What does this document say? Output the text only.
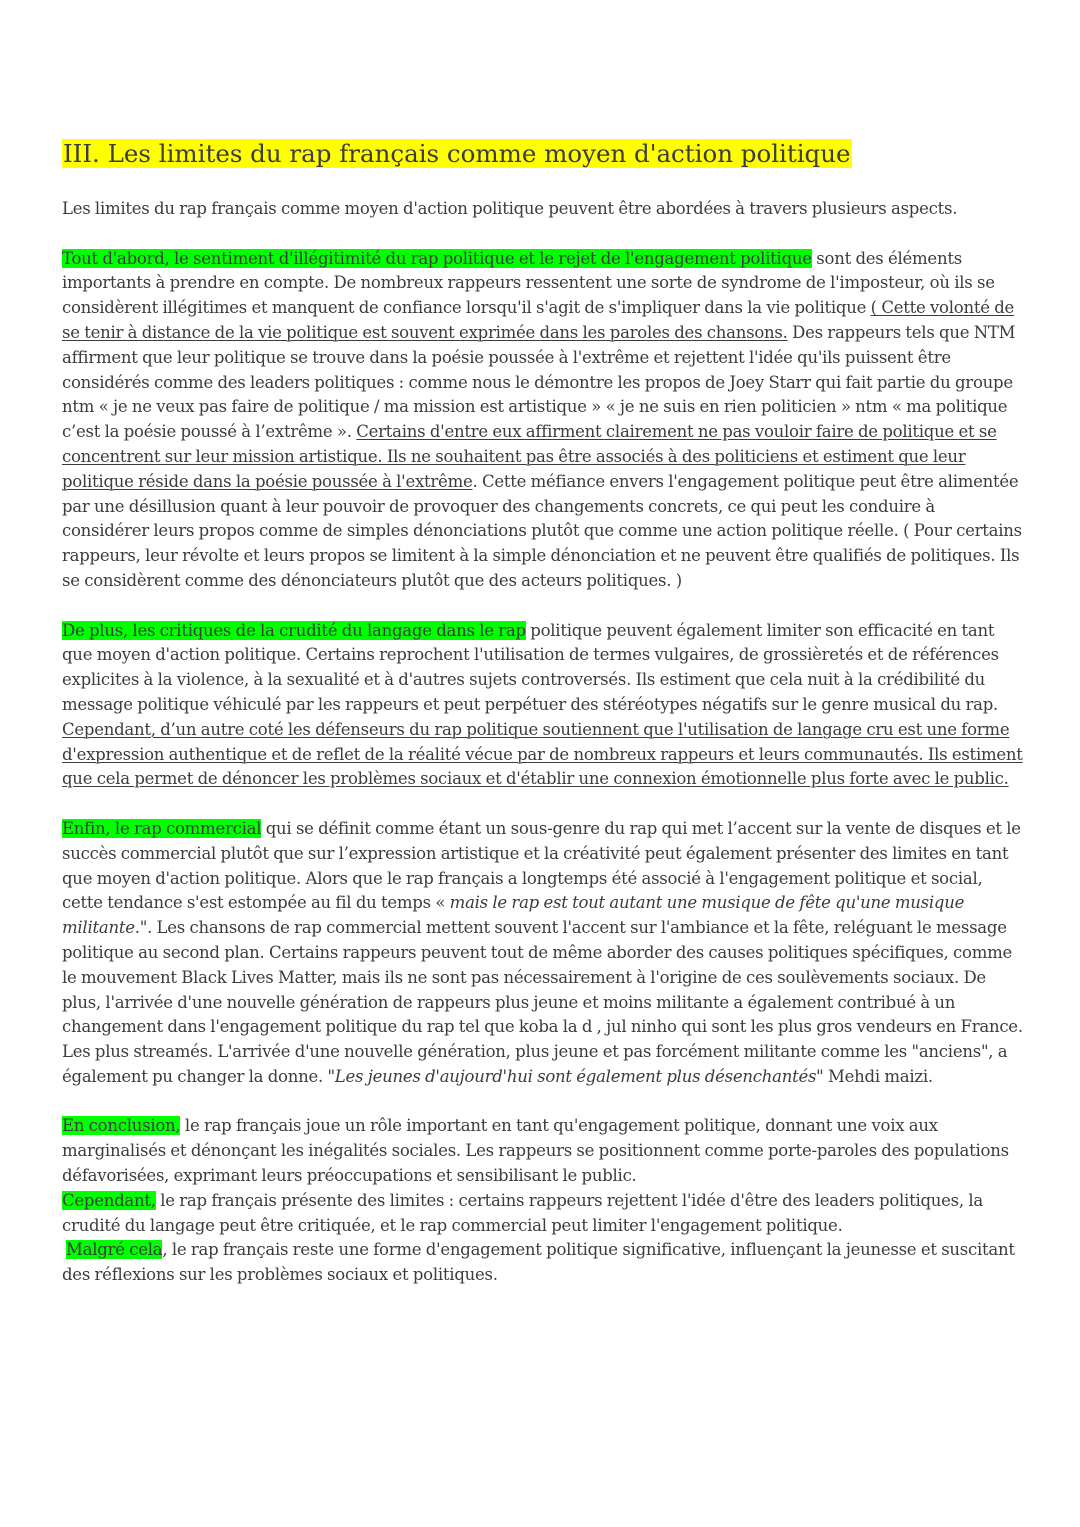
III. Les limites du rap français comme moyen d'action politique

Les limites du rap français comme moyen d'action politique peuvent être abordées à travers plusieurs aspects.

Tout d'abord, le sentiment d'illégitimité du rap politique et le rejet de l'engagement politique sont des éléments importants à prendre en compte. De nombreux rappeurs ressentent une sorte de syndrome de l'imposteur, où ils se considèrent illégitimes et manquent de confiance lorsqu'il s'agit de s'impliquer dans la vie politique ( Cette volonté de se tenir à distance de la vie politique est souvent exprimée dans les paroles des chansons. Des rappeurs tels que NTM affirment que leur politique se trouve dans la poésie poussée à l'extrême et rejettent l'idée qu'ils puissent être considérés comme des leaders politiques : comme nous le démontre les propos de Joey Starr qui fait partie du groupe ntm « je ne veux pas faire de politique / ma mission est artistique » « je ne suis en rien politicien » ntm « ma politique c’est la poésie poussé à l’extrême ». Certains d'entre eux affirment clairement ne pas vouloir faire de politique et se concentrent sur leur mission artistique. Ils ne souhaitent pas être associés à des politiciens et estiment que leur politique réside dans la poésie poussée à l'extrême. Cette méfiance envers l'engagement politique peut être alimentée par une désillusion quant à leur pouvoir de provoquer des changements concrets, ce qui peut les conduire à considérer leurs propos comme de simples dénonciations plutôt que comme une action politique réelle. ( Pour certains rappeurs, leur révolte et leurs propos se limitent à la simple dénonciation et ne peuvent être qualifiés de politiques. Ils se considèrent comme des dénonciateurs plutôt que des acteurs politiques. )

De plus, les critiques de la crudité du langage dans le rap politique peuvent également limiter son efficacité en tant que moyen d'action politique. Certains reprochent l'utilisation de termes vulgaires, de grossièretés et de références explicites à la violence, à la sexualité et à d'autres sujets controversés. Ils estiment que cela nuit à la crédibilité du message politique véhiculé par les rappeurs et peut perpétuer des stéréotypes négatifs sur le genre musical du rap. Cependant, d’un autre coté les défenseurs du rap politique soutiennent que l'utilisation de langage cru est une forme d'expression authentique et de reflet de la réalité vécue par de nombreux rappeurs et leurs communautés. Ils estiment que cela permet de dénoncer les problèmes sociaux et d'établir une connexion émotionnelle plus forte avec le public.

Enfin, le rap commercial qui se définit comme étant un sous-genre du rap qui met l’accent sur la vente de disques et le succès commercial plutôt que sur l’expression artistique et la créativité peut également présenter des limites en tant que moyen d'action politique. Alors que le rap français a longtemps été associé à l'engagement politique et social, cette tendance s'est estompée au fil du temps « mais le rap est tout autant une musique de fête qu'une musique militante.". Les chansons de rap commercial mettent souvent l'accent sur l'ambiance et la fête, reléguant le message politique au second plan. Certains rappeurs peuvent tout de même aborder des causes politiques spécifiques, comme le mouvement Black Lives Matter, mais ils ne sont pas nécessairement à l'origine de ces soulèvements sociaux. De plus, l'arrivée d'une nouvelle génération de rappeurs plus jeune et moins militante a également contribué à un changement dans l'engagement politique du rap tel que koba la d , jul ninho qui sont les plus gros vendeurs en France. Les plus streamés. L'arrivée d'une nouvelle génération, plus jeune et pas forcément militante comme les "anciens", a également pu changer la donne. "Les jeunes d'aujourd'hui sont également plus désenchantés" Mehdi maizi.

En conclusion, le rap français joue un rôle important en tant qu'engagement politique, donnant une voix aux marginalisés et dénonçant les inégalités sociales. Les rappeurs se positionnent comme porte-paroles des populations défavorisées, exprimant leurs préoccupations et sensibilisant le public.

Cependant, le rap français présente des limites : certains rappeurs rejettent l'idée d'être des leaders politiques, la crudité du langage peut être critiquée, et le rap commercial peut limiter l'engagement politique.

Malgré cela, le rap français reste une forme d'engagement politique significative, influençant la jeunesse et suscitant des réflexions sur les problèmes sociaux et politiques.
